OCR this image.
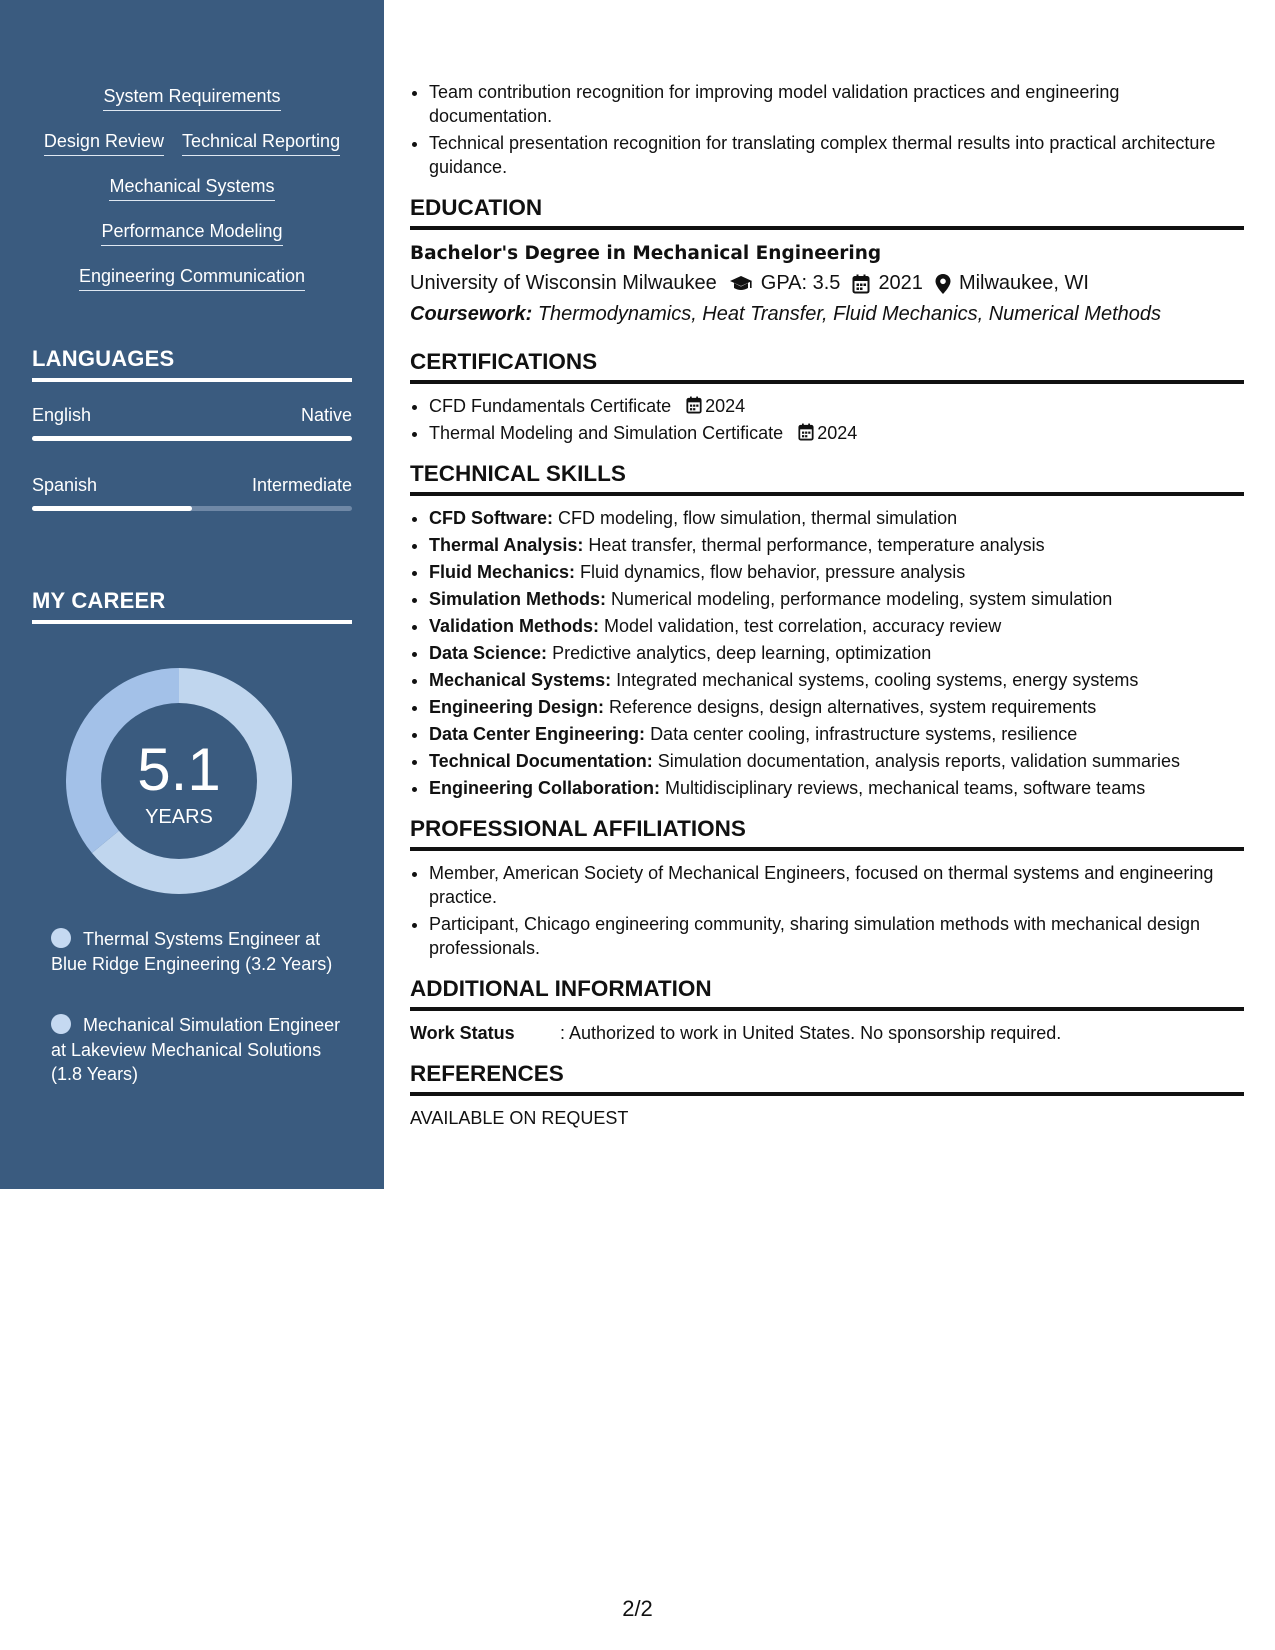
System Requirements
Design Review Technical Reporting
Mechanical Systems
Performance Modeling
Engineering Communication
LANGUAGES
English	Native
Spanish	Intermediate
MY CAREER
5.1
YEARS
Thermal Systems Engineer at Blue Ridge Engineering (3.2 Years)
Mechanical Simulation Engineer at Lakeview Mechanical Solutions (1.8 Years)
• Team contribution recognition for improving model validation practices and engineering documentation.
• Technical presentation recognition for translating complex thermal results into practical architecture guidance.
EDUCATION
Bachelor's Degree in Mechanical Engineering
University of Wisconsin Milwaukee GPA: 3.5 2021 Milwaukee, WI
Coursework: Thermodynamics, Heat Transfer, Fluid Mechanics, Numerical Methods
CERTIFICATIONS
• CFD Fundamentals Certificate 2024
• Thermal Modeling and Simulation Certificate 2024
TECHNICAL SKILLS
• CFD Software: CFD modeling, flow simulation, thermal simulation
• Thermal Analysis: Heat transfer, thermal performance, temperature analysis
• Fluid Mechanics: Fluid dynamics, flow behavior, pressure analysis
• Simulation Methods: Numerical modeling, performance modeling, system simulation
• Validation Methods: Model validation, test correlation, accuracy review
• Data Science: Predictive analytics, deep learning, optimization
• Mechanical Systems: Integrated mechanical systems, cooling systems, energy systems
• Engineering Design: Reference designs, design alternatives, system requirements
• Data Center Engineering: Data center cooling, infrastructure systems, resilience
• Technical Documentation: Simulation documentation, analysis reports, validation summaries
• Engineering Collaboration: Multidisciplinary reviews, mechanical teams, software teams
PROFESSIONAL AFFILIATIONS
• Member, American Society of Mechanical Engineers, focused on thermal systems and engineering practice.
• Participant, Chicago engineering community, sharing simulation methods with mechanical design professionals.
ADDITIONAL INFORMATION
Work Status	: Authorized to work in United States. No sponsorship required.
REFERENCES
AVAILABLE ON REQUEST
2/2
